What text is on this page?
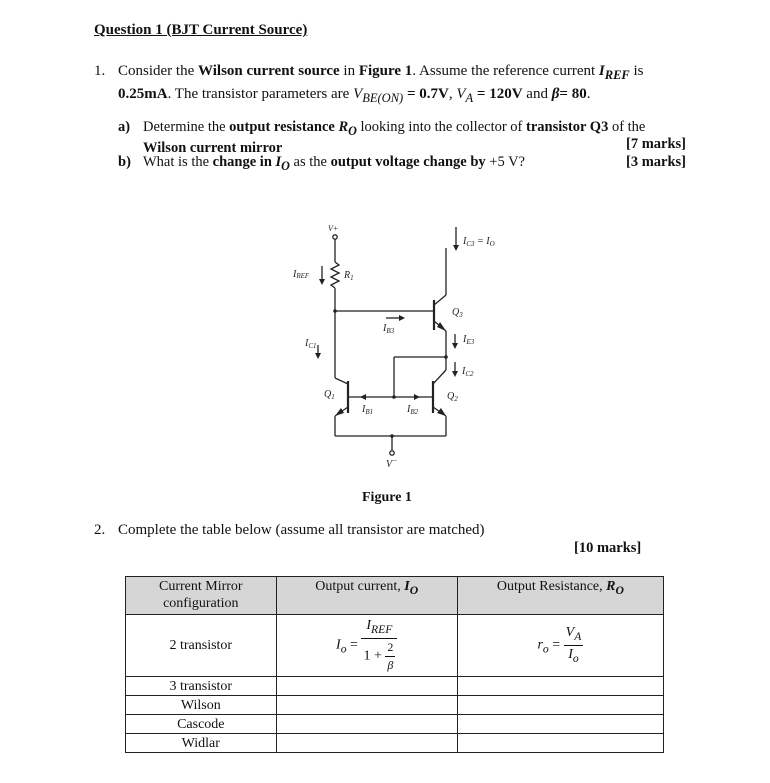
Question 1 (BJT Current Source)
1. Consider the Wilson current source in Figure 1. Assume the reference current $I_{REF}$ is
0.25mA. The transistor parameters are $V_{BE(ON)} = 0.7V$, $V_A = 120V$ and β= 80.
a) Determine the output resistance $R_O$ looking into the collector of transistor Q3 of the
Wilson current mirror	[7 marks]
b) What is the change in $I_O$ as the output voltage change by +5 V?	[3 marks]
V+
IREF	$R_1$
$I_{C3} = I_O$
$Q_3$
$I_{B3}$
$I_{E3}$
$I_{C1}$
$I_{C2}$
$Q_1$	$Q_2$
$I_{B1}$	$I_{B2}$
V−
Figure 1
2. Complete the table below (assume all transistor are matched)
[10 marks]
Current Mirror
configuration	Output current, $I_O$	Output Resistance, $R_O$
2 transistor	$I_o = \frac{I_{REF}}{1 + \frac{2}{\beta}}$	$r_o = \frac{V_A}{I_o}$

3 transistor		
Wilson		
Cascode		
Widlar		
